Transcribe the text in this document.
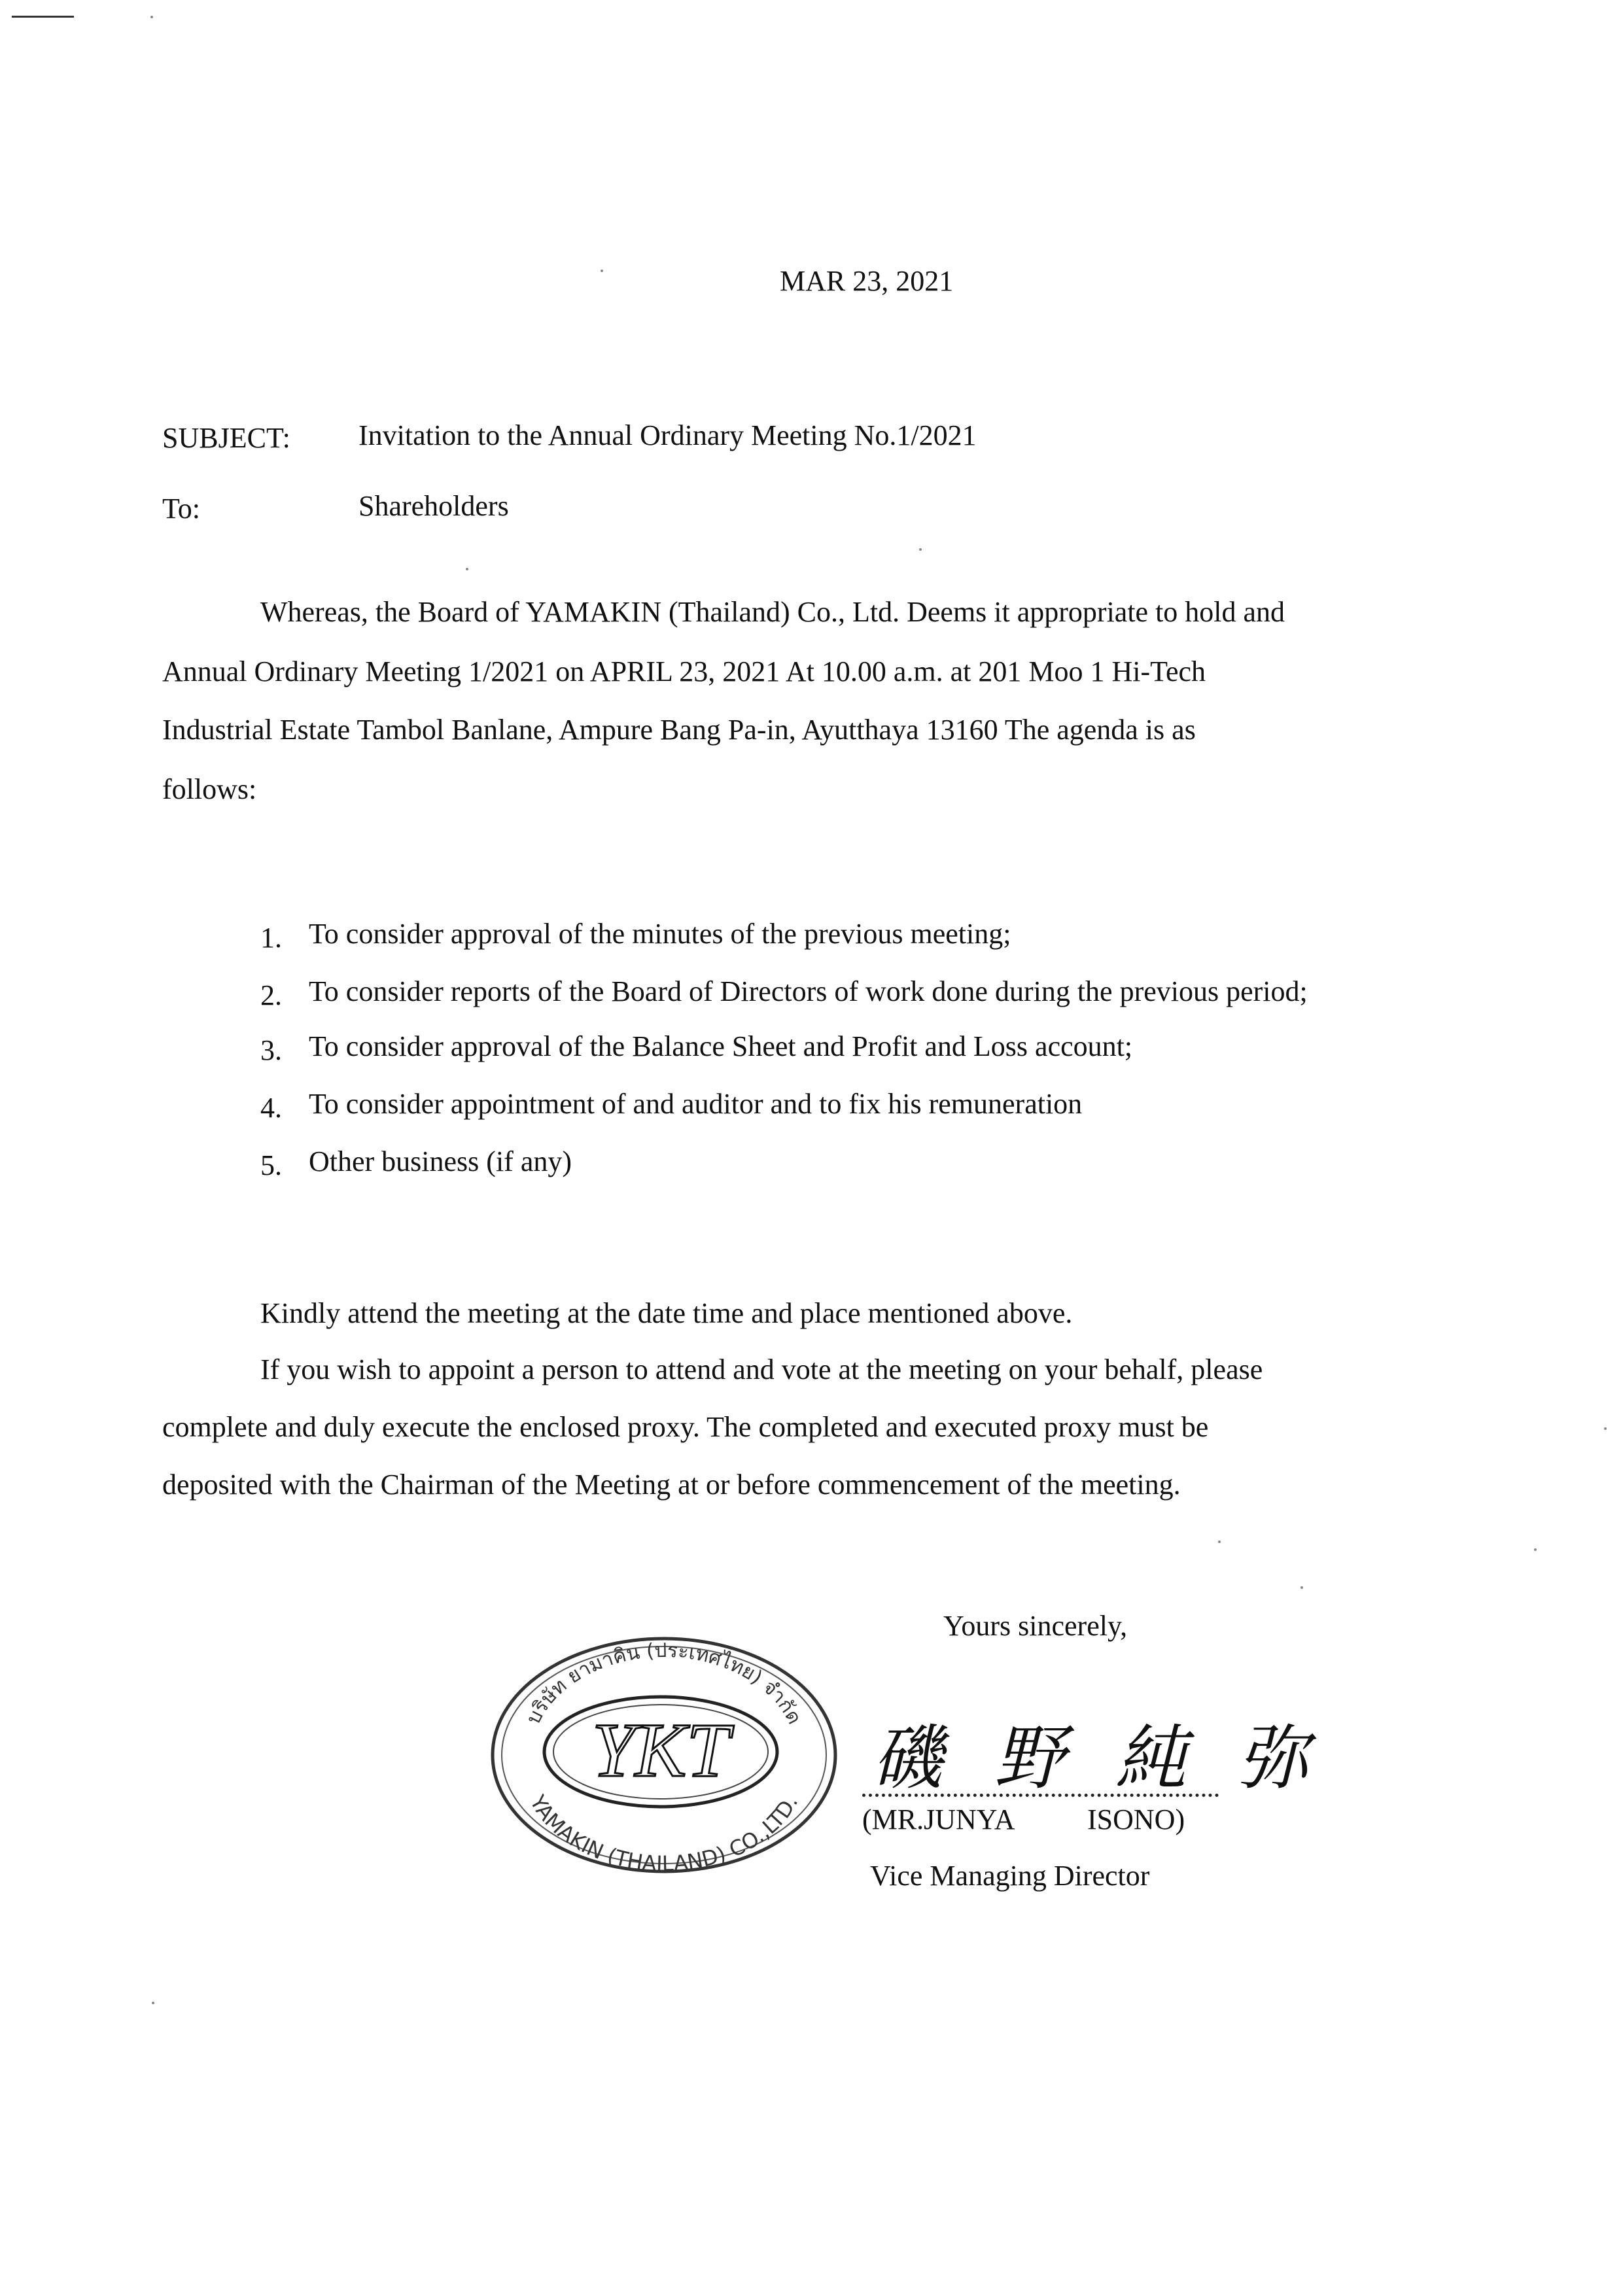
MAR 23, 2021
SUBJECT: Invitation to the Annual Ordinary Meeting No.1/2021
To:	Shareholders
Whereas, the Board of YAMAKIN (Thailand) Co., Ltd. Deems it appropriate to hold and
Annual Ordinary Meeting 1/2021 on APRIL 23, 2021 At 10.00 a.m. at 201 Moo 1 Hi-Tech
Industrial Estate Tambol Banlane, Ampure Bang Pa-in, Ayutthaya 13160 The agenda is as
follows:
1. To consider approval of the minutes of the previous meeting;
2. To consider reports of the Board of Directors of work done during the previous period;
3. To consider approval of the Balance Sheet and Profit and Loss account;
4. To consider appointment of and auditor and to fix his remuneration
5. Other business (if any)
Kindly attend the meeting at the date time and place mentioned above.
If you wish to appoint a person to attend and vote at the meeting on your behalf, please
complete and duly execute the enclosed proxy. The completed and executed proxy must be
deposited with the Chairman of the Meeting at or before commencement of the meeting.
YKT
บริษัท ยามาคิน (ประเทศไทย) จำกัด
YAMAKIN (THAILAND) CO.,LTD.
Yours sincerely,
磯 野 純 弥
(MR.JUNYA	ISONO)
Vice Managing Director
